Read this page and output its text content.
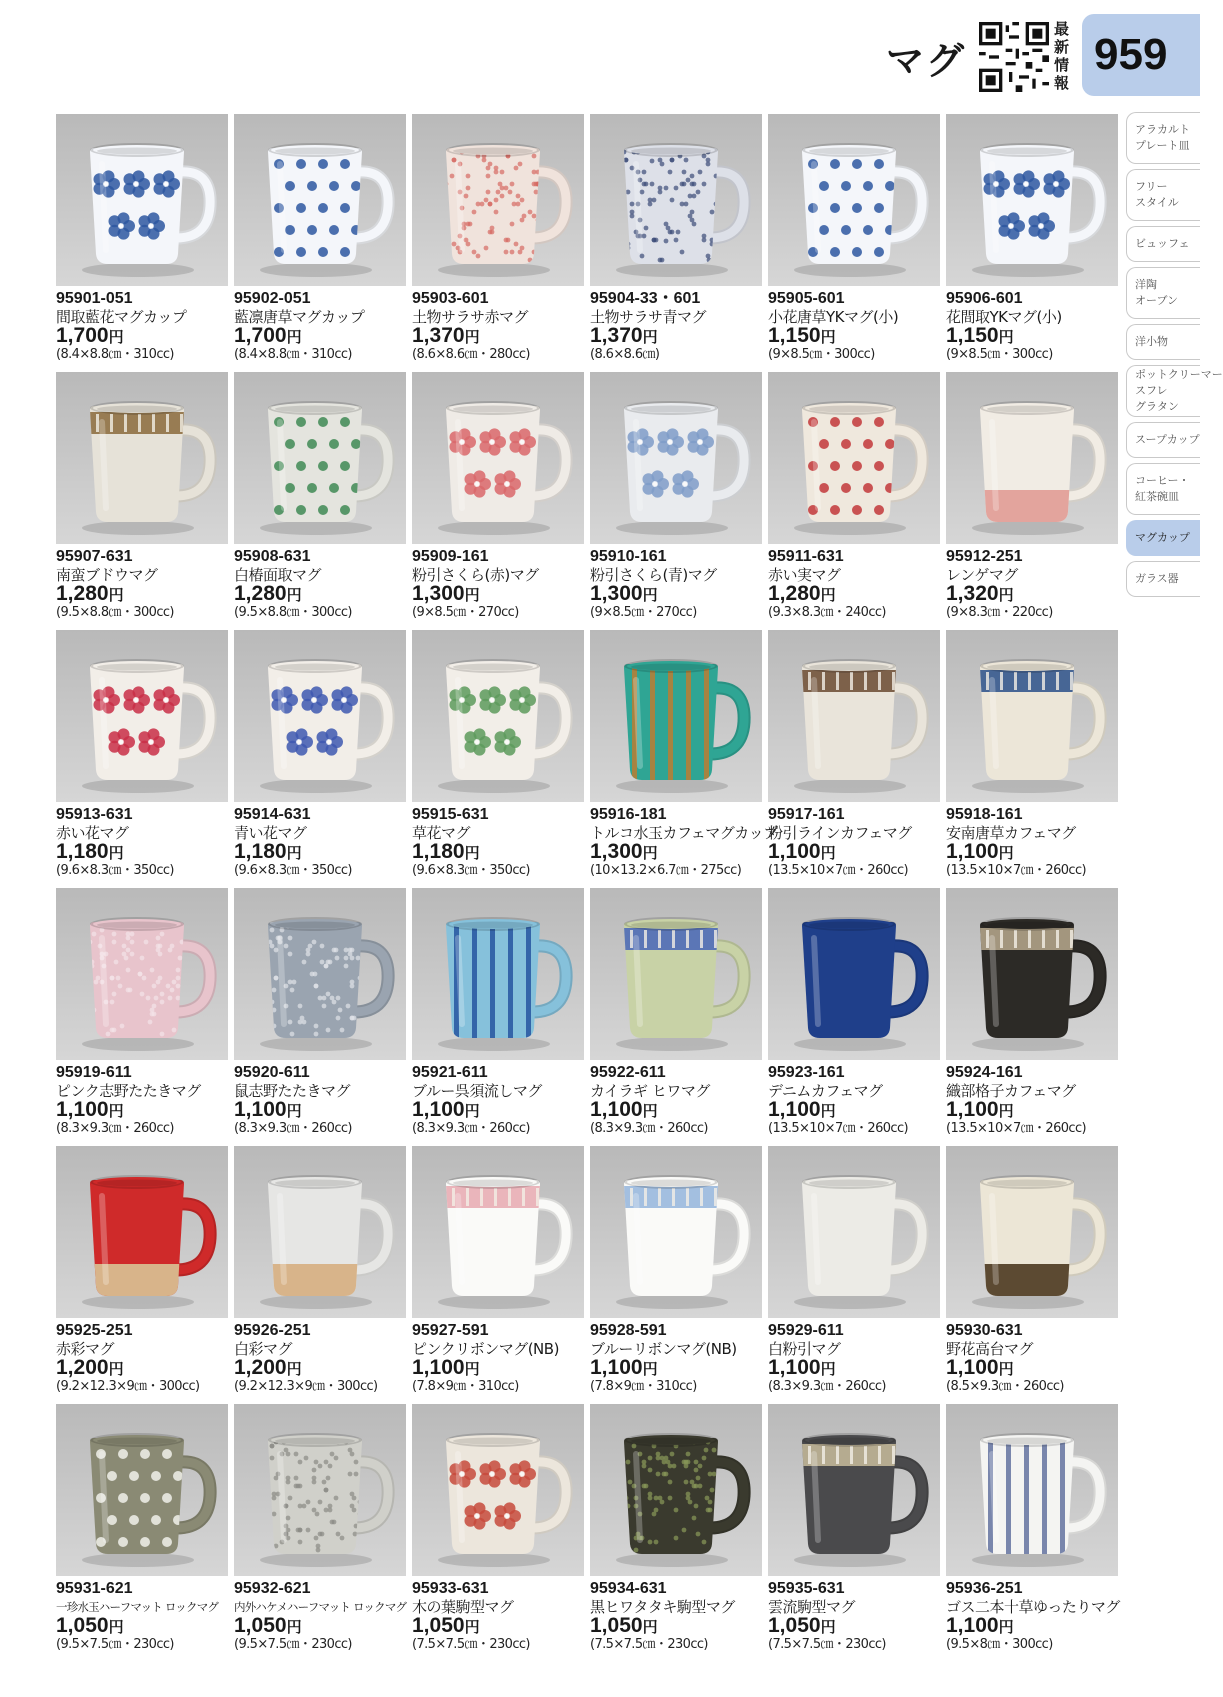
マグ
最
新
情
報
959
アラカルト
プレート皿
フリー
スタイル
ビュッフェ
洋陶
オーブン
洋小物
ポットクリーマー
スフレ
グラタン
スープカップ
コーヒー・
紅茶碗皿
マグカップ
ガラス器
95901-051
間取藍花マグカップ
1,700円
(8.4×8.8㎝・310cc)
95902-051
藍凛唐草マグカップ
1,700円
(8.4×8.8㎝・310cc)
95903-601
土物サラサ赤マグ
1,370円
(8.6×8.6㎝・280cc)
95904-33・601
土物サラサ青マグ
1,370円
(8.6×8.6㎝)
95905-601
小花唐草YKマグ(小)
1,150円
(9×8.5㎝・300cc)
95906-601
花間取YKマグ(小)
1,150円
(9×8.5㎝・300cc)
95907-631
南蛮ブドウマグ
1,280円
(9.5×8.8㎝・300cc)
95908-631
白椿面取マグ
1,280円
(9.5×8.8㎝・300cc)
95909-161
粉引さくら(赤)マグ
1,300円
(9×8.5㎝・270cc)
95910-161
粉引さくら(青)マグ
1,300円
(9×8.5㎝・270cc)
95911-631
赤い実マグ
1,280円
(9.3×8.3㎝・240cc)
95912-251
レンゲマグ
1,320円
(9×8.3㎝・220cc)
95913-631
赤い花マグ
1,180円
(9.6×8.3㎝・350cc)
95914-631
青い花マグ
1,180円
(9.6×8.3㎝・350cc)
95915-631
草花マグ
1,180円
(9.6×8.3㎝・350cc)
95916-181
トルコ水玉カフェマグカップ
1,300円
(10×13.2×6.7㎝・275cc)
95917-161
粉引ラインカフェマグ
1,100円
(13.5×10×7㎝・260cc)
95918-161
安南唐草カフェマグ
1,100円
(13.5×10×7㎝・260cc)
95919-611
ピンク志野たたきマグ
1,100円
(8.3×9.3㎝・260cc)
95920-611
鼠志野たたきマグ
1,100円
(8.3×9.3㎝・260cc)
95921-611
ブルー呉須流しマグ
1,100円
(8.3×9.3㎝・260cc)
95922-611
カイラギ ヒワマグ
1,100円
(8.3×9.3㎝・260cc)
95923-161
デニムカフェマグ
1,100円
(13.5×10×7㎝・260cc)
95924-161
織部格子カフェマグ
1,100円
(13.5×10×7㎝・260cc)
95925-251
赤彩マグ
1,200円
(9.2×12.3×9㎝・300cc)
95926-251
白彩マグ
1,200円
(9.2×12.3×9㎝・300cc)
95927-591
ピンクリボンマグ(NB)
1,100円
(7.8×9㎝・310cc)
95928-591
ブルーリボンマグ(NB)
1,100円
(7.8×9㎝・310cc)
95929-611
白粉引マグ
1,100円
(8.3×9.3㎝・260cc)
95930-631
野花高台マグ
1,100円
(8.5×9.3㎝・260cc)
95931-621
一珍水玉ハーフマット ロックマグ
1,050円
(9.5×7.5㎝・230cc)
95932-621
内外ハケメハーフマット ロックマグ
1,050円
(9.5×7.5㎝・230cc)
95933-631
木の葉駒型マグ
1,050円
(7.5×7.5㎝・230cc)
95934-631
黒ヒワタタキ駒型マグ
1,050円
(7.5×7.5㎝・230cc)
95935-631
雲流駒型マグ
1,050円
(7.5×7.5㎝・230cc)
95936-251
ゴス二本十草ゆったりマグ
1,100円
(9.5×8㎝・300cc)
